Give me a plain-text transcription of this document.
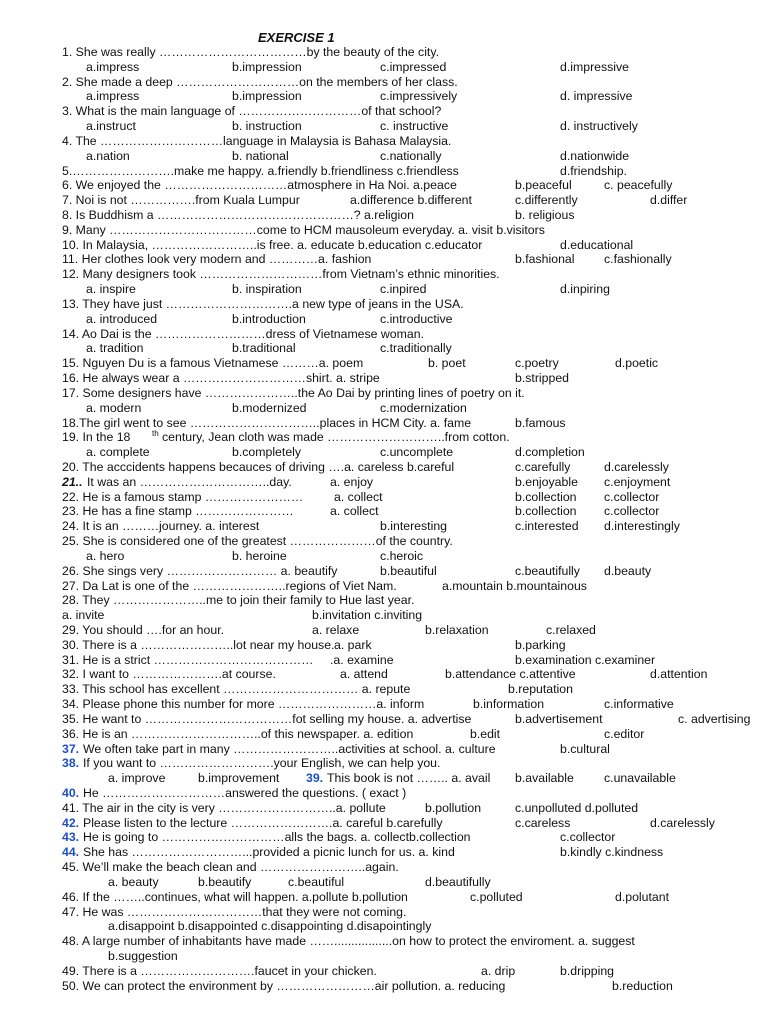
EXERCISE 1
1. She was really ………………………………by the beauty of the city.
a.impress	b.impression	c.impressed	d.impressive
2. She made a deep …………………………on the members of her class.
a.impress	b.impression	c.impressively	d. impressive
3. What is the main language of …………………………of that school?
a.instruct	b. instruction	c. instructive	d. instructively
4. The …………………………language in Malaysia is Bahasa Malaysia.
a.nation	b. national	c.nationally	d.nationwide
5.…………………….make me happy. a.friendly b.friendliness c.friendless	d.friendship.
6. We enjoyed the …………………………atmosphere in Ha Noi. a.peace	b.peaceful	c. peacefully
7. Noi is not …………….from Kuala Lumpur	a.difference b.different	c.differently	d.differ
8. Is Buddhism a …………………………………………? a.religion	b. religious
9. Many ………………………………come to HCM mausoleum everyday. a. visit b.visitors
10. In Malaysia, ……………………..is free. a. educate b.education c.educator	d.educational
11. Her clothes look very modern and …………a. fashion	b.fashional c.fashionally
12. Many designers took …………………………from Vietnam’s ethnic minorities.
a. inspire	b. inspiration	c.inpired	d.inpiring
13. They have just ………………………….a new type of jeans in the USA.
a. introduced	b.introduction	c.introductive
14. Ao Dai is the ………………………dress of Vietnamese woman.
a. tradition	b.traditional	c.traditionally
15. Nguyen Du is a famous Vietnamese ………a. poem	b. poet	c.poetry	d.poetic
16. He always wear a …………………………shirt. a. stripe	b.stripped
17. Some designers have …………………..the Ao Dai by printing lines of poetry on it.
a. modern	b.modernized	c.modernization
18.The girl went to see …………………………..places in HCM City. a. fame	b.famous
19. In the 18	th century, Jean cloth was made ………………………..from cotton.
a. complete	b.completely	c.uncomplete	d.completion
20. The acccidents happens becauces of driving ….a. careless b.careful	c.carefully	d.carelessly
21.. It was an …………………………..day.	a. enjoy	b.enjoyable c.enjoyment
22. He is a famous stamp ……………………	a. collect	b.collection c.collector
23. He has a fine stamp ……………………	a. collect	b.collection c.collector
24. It is an ………journey. a. interest	b.interesting	c.interested d.interestingly
25. She is considered one of the greatest …………………of the country.
a. hero	b. heroine	c.heroic
26. She sings very ……………………… a. beautify	b.beautiful	c.beautifully d.beauty
27. Da Lat is one of the …………………..regions of Viet Nam.	a.mountain b.mountainous
28. They …………………..me to join their family to Hue last year.
a. invite	b.invitation c.inviting
29. You should ….for an hour.	a. relaxe	b.relaxation	c.relaxed
30. There is a …………………..lot near my house. a. park	b.parking
31. He is a strict ………………………………… .a. examine	b.examination c.examiner
32. I want to ………………….at course.	a. attend	b.attendance c.attentive	d.attention
33. This school has excellent …………………………… a. repute	b.reputation
34. Please phone this number for more ……………………a. inform	b.information	c.informative
35. He want to ………………………………fot selling my house. a. advertise	b.advertisement	c. advertising
36. He is an …………………………..of this newspaper. a. edition	b.edit	c.editor
37. We often take part in many ……………………..activities at school. a. culture	b.cultural
38. If you want to ……………………….your English, we can help you.
a. improve	b.improvement 39. This book is not …….. a. avail b.available c.unavailable
40. He …………………………answered the questions. ( exact )
41. The air in the city is very ………………………..a. pollute	b.pollution	c.unpolluted d.polluted
42. Please listen to the lecture …………………….a. careful b.carefully	c.careless	d.carelessly
43. He is going to …………………………alls the bags. a. collectb.collection	c.collector
44. She has ………………………...provided a picnic lunch for us. a. kind	b.kindly c.kindness
45. We’ll make the beach clean and ……………………..again.
a. beauty	b.beautify	c.beautiful	d.beautifully
46. If the ……..continues, what will happen. a.pollute b.pollution	c.polluted	d.polutant
47. He was ……………………………that they were not coming.
a.disappoint b.disappointed c.disappointing d.disapointingly
48. A large number of inhabitants have made …….................on how to protect the enviroment. a. suggest
b.suggestion
49. There is a ……………………….faucet in your chicken.	a. drip	b.dripping
50. We can protect the environment by ……………………air pollution. a. reducing	b.reduction
